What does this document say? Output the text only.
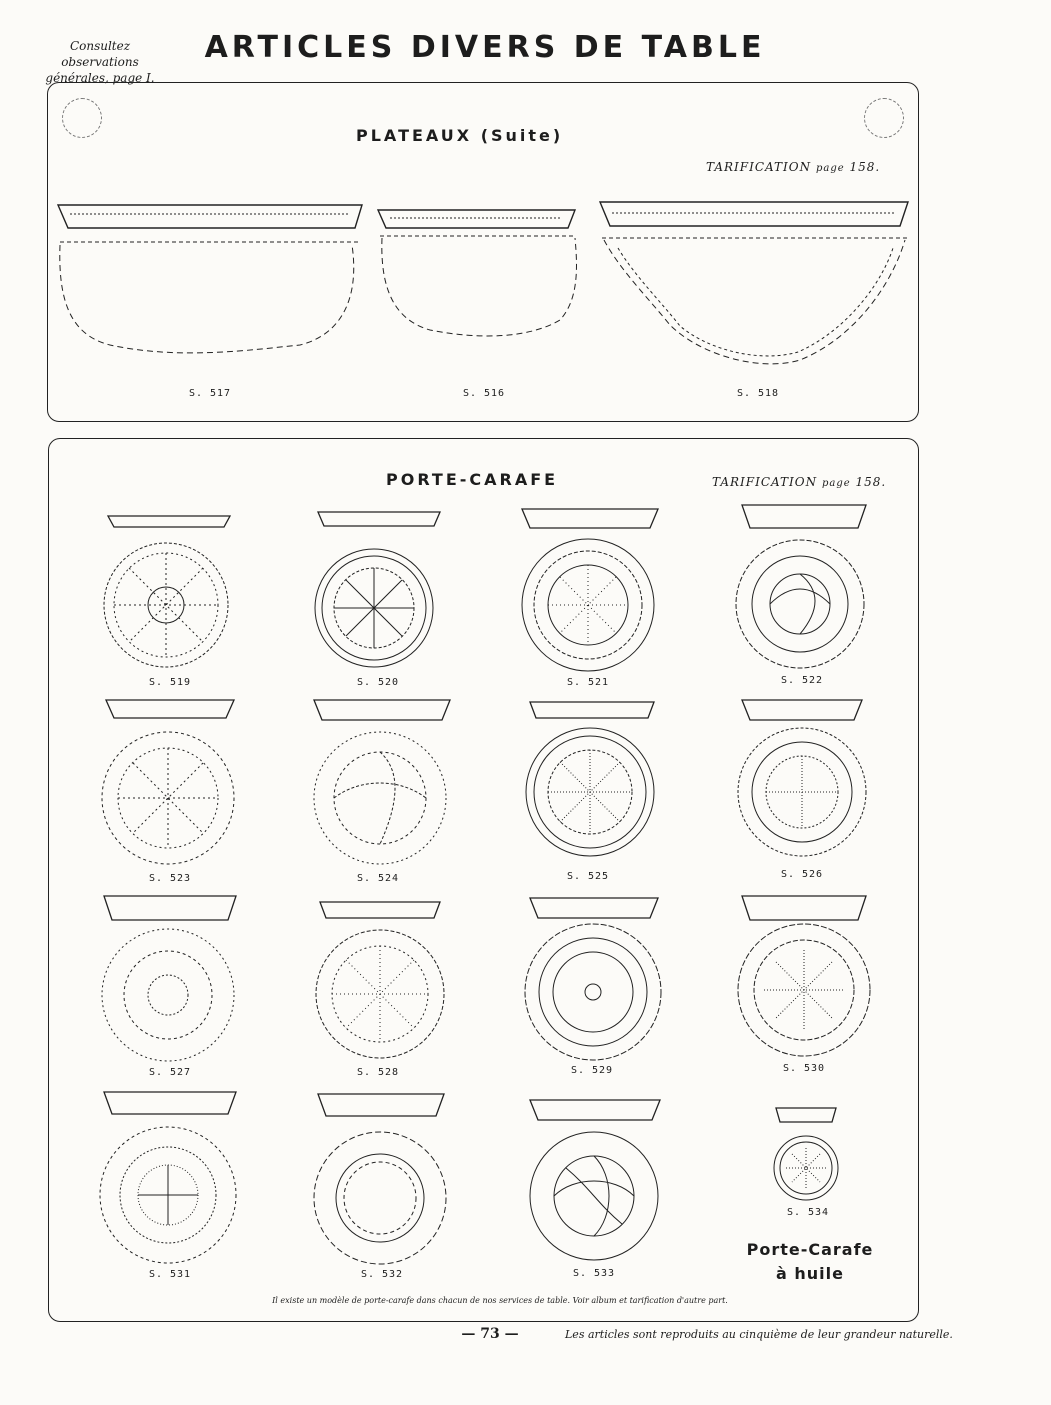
Consultez observations
générales, page I.
ARTICLES DIVERS DE TABLE
PLATEAUX (Suite)
TARIFICATION page 158.
S. 517	S. 516	S. 518
PORTE-CARAFE	TARIFICATION page 158.
S. 519	S. 520	S. 521	S. 522
S. 523	S. 524	S. 525	S. 526
S. 527	S. 528	S. 529	S. 530
S. 531	S. 532	S. 533
S. 534
Porte-Carafe
à huile
Il existe un modèle de porte-carafe dans chacun de nos services de table. Voir album et tarification d'autre part.
— 73 —	Les articles sont reproduits au cinquième de leur grandeur naturelle.
